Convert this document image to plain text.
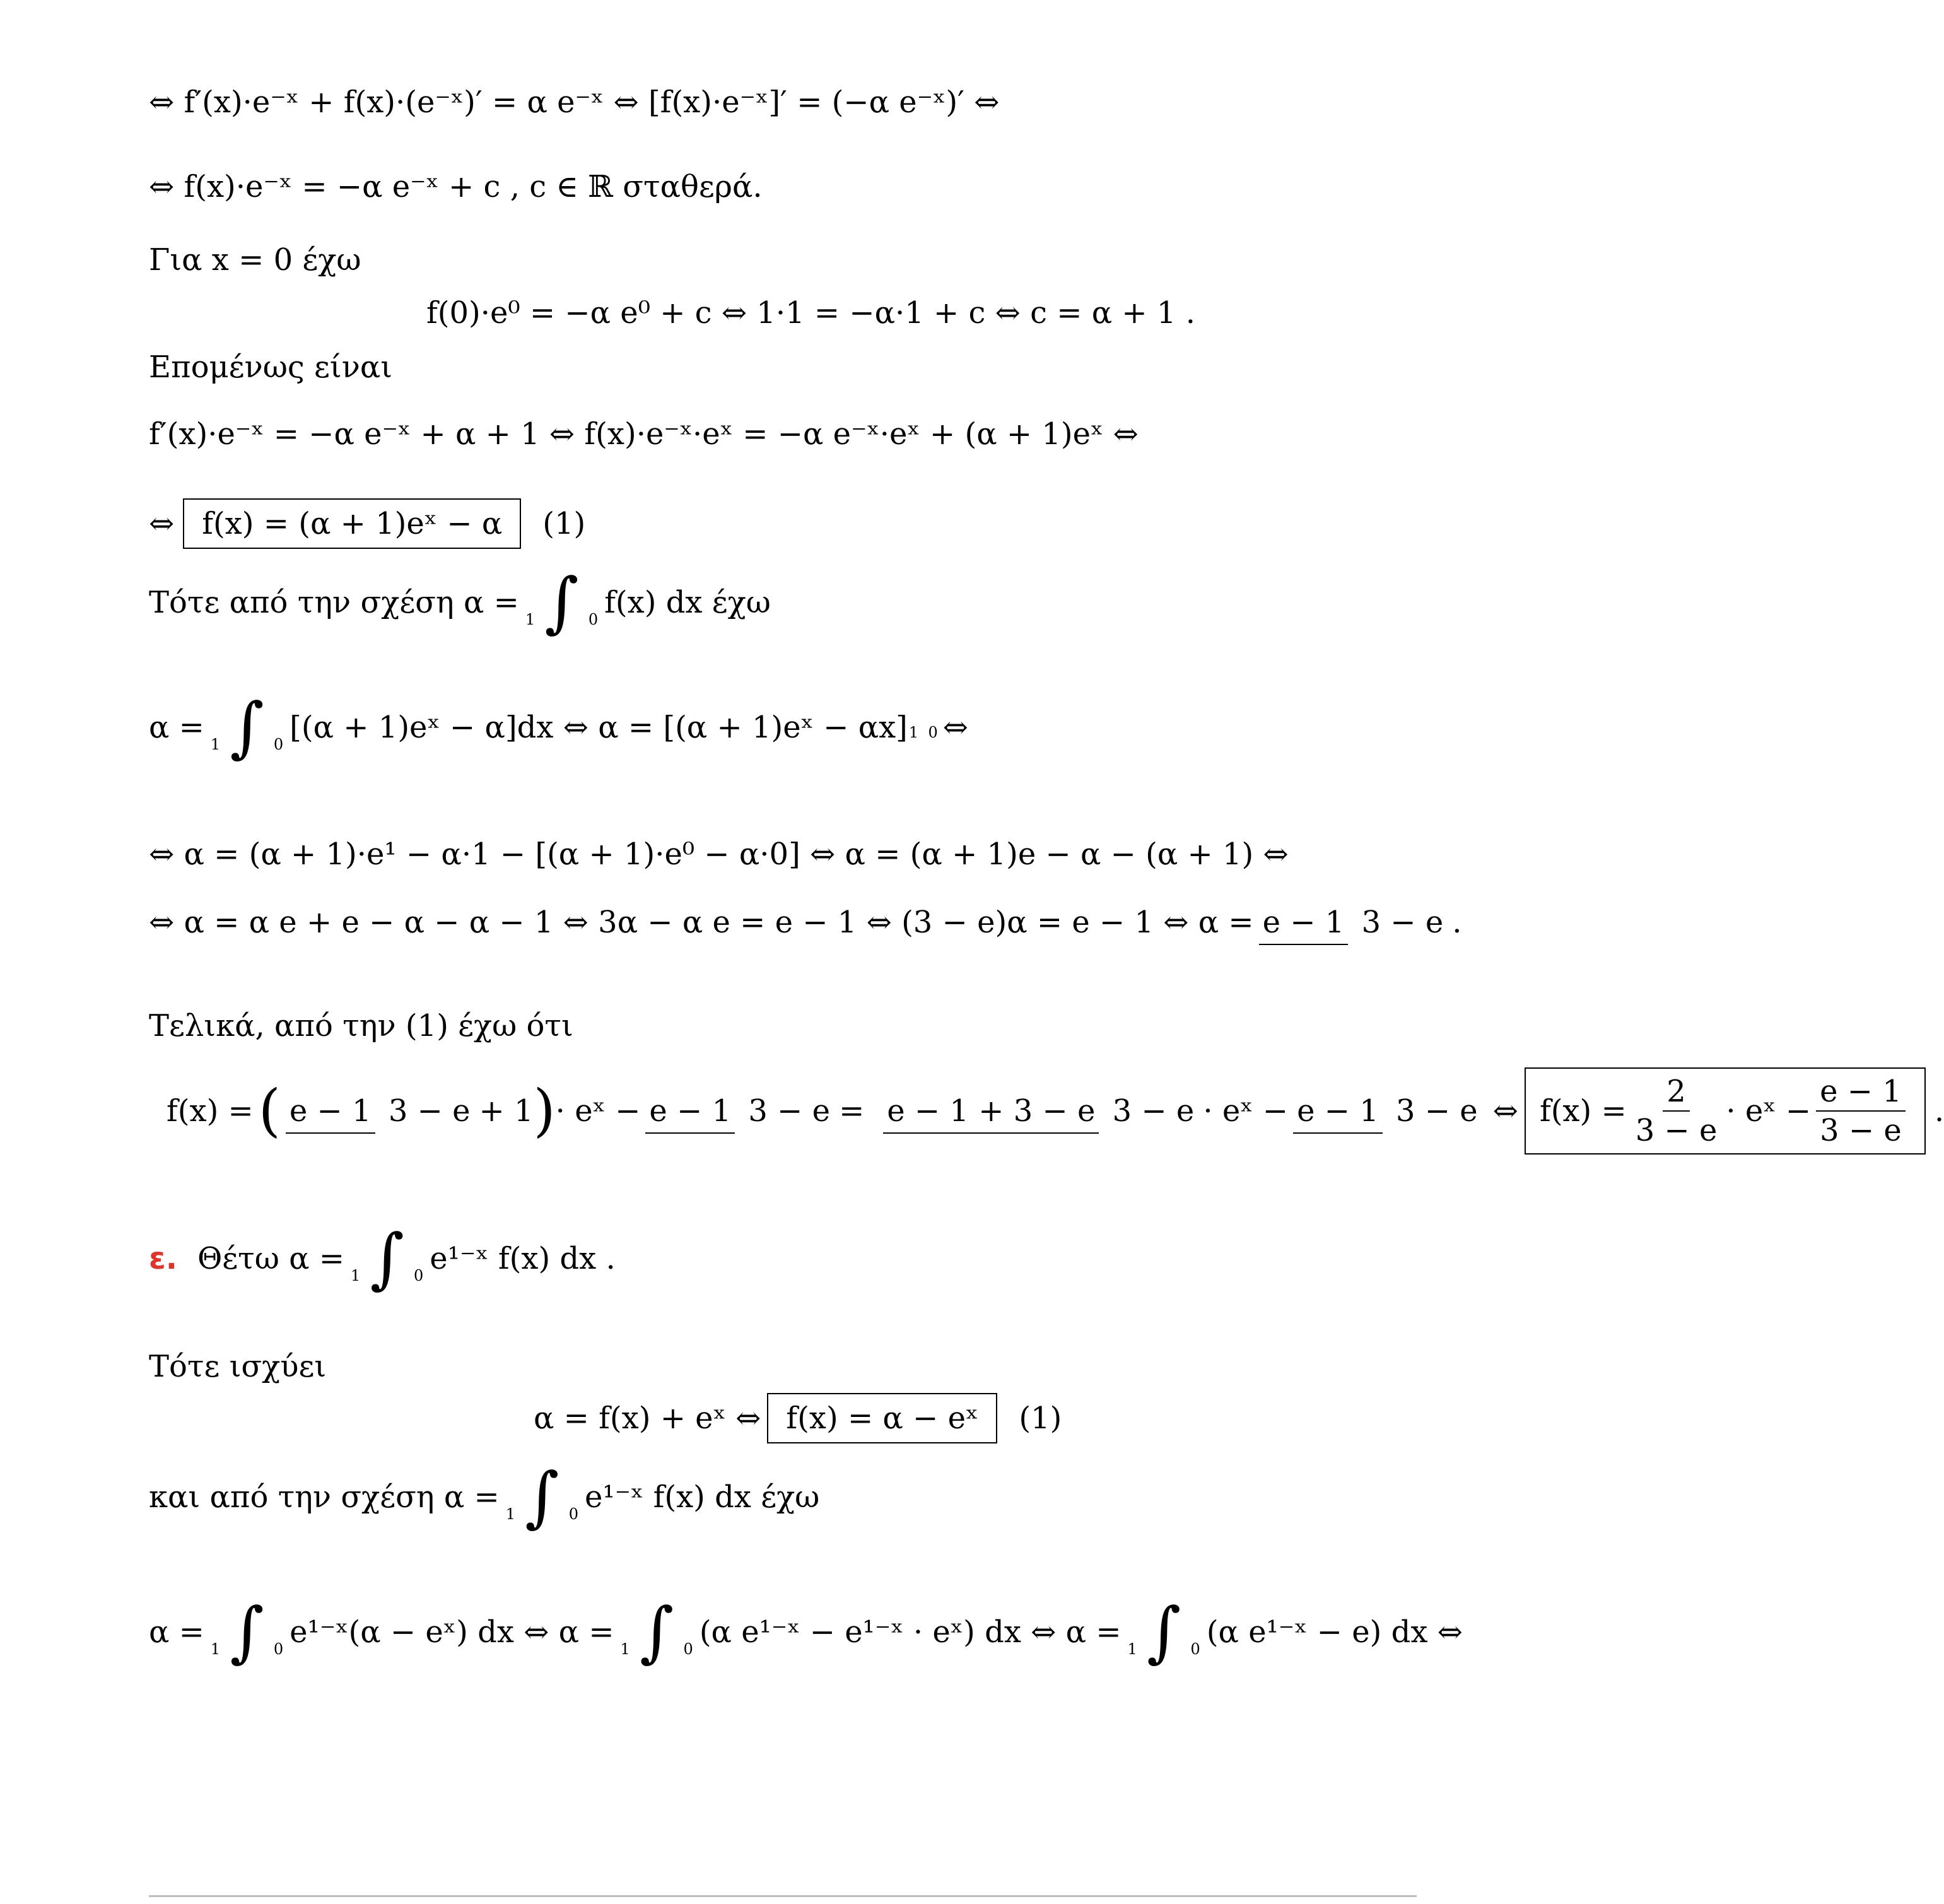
⇔ f′(x)·e⁻ˣ + f(x)·(e⁻ˣ)′ = α e⁻ˣ ⇔ [f(x)·e⁻ˣ]′ = (−α e⁻ˣ)′ ⇔
⇔ f(x)·e⁻ˣ = −α e⁻ˣ + c , c ∈ ℝ σταθερά.
Για x = 0 έχω
f(0)·e⁰ = −α e⁰ + c ⇔ 1·1 = −α·1 + c ⇔ c = α + 1 .
Επομένως είναι
f′(x)·e⁻ˣ = −α e⁻ˣ + α + 1 ⇔ f(x)·e⁻ˣ·eˣ = −α e⁻ˣ·eˣ + (α + 1)eˣ ⇔
⇔ f(x) = (α + 1)eˣ − α	(1)
Τότε από την σχέση α = 1 ∫ 0 f(x) dx έχω
α = 1 ∫ 0 [(α + 1)eˣ − α]dx ⇔ α = [(α + 1)eˣ − αx] 1 0 ⇔
⇔ α = (α + 1)·e¹ − α·1 − [(α + 1)·e⁰ − α·0] ⇔ α = (α + 1)e − α − (α + 1) ⇔
⇔ α = α e + e − α − α − 1 ⇔ 3α − α e = e − 1 ⇔ (3 − e)α = e − 1 ⇔ α = e − 1 3 − e .
Τελικά, από την (1) έχω ότι
f(x) = ( e − 1 3 − e + 1 ) · eˣ − e − 1 3 − e = e − 1 + 3 − e 3 − e · eˣ − e − 1 3 − e ⇔ $f(x) = \frac{2}{3 - e}$ · eˣ − $\frac{e - 1}{3 - e}$ .
ε. Θέτω α = 1 ∫ 0 e¹⁻ˣ f(x) dx .
Τότε ισχύει
α = f(x) + eˣ ⇔ f(x) = α − eˣ	(1)
και από την σχέση α = 1 ∫ 0 e¹⁻ˣ f(x) dx έχω
α = 1 ∫ 0 e¹⁻ˣ(α − eˣ) dx ⇔ α = 1 ∫ 0 (α e¹⁻ˣ − e¹⁻ˣ · eˣ) dx ⇔ α = 1 ∫ 0 (α e¹⁻ˣ − e) dx ⇔
